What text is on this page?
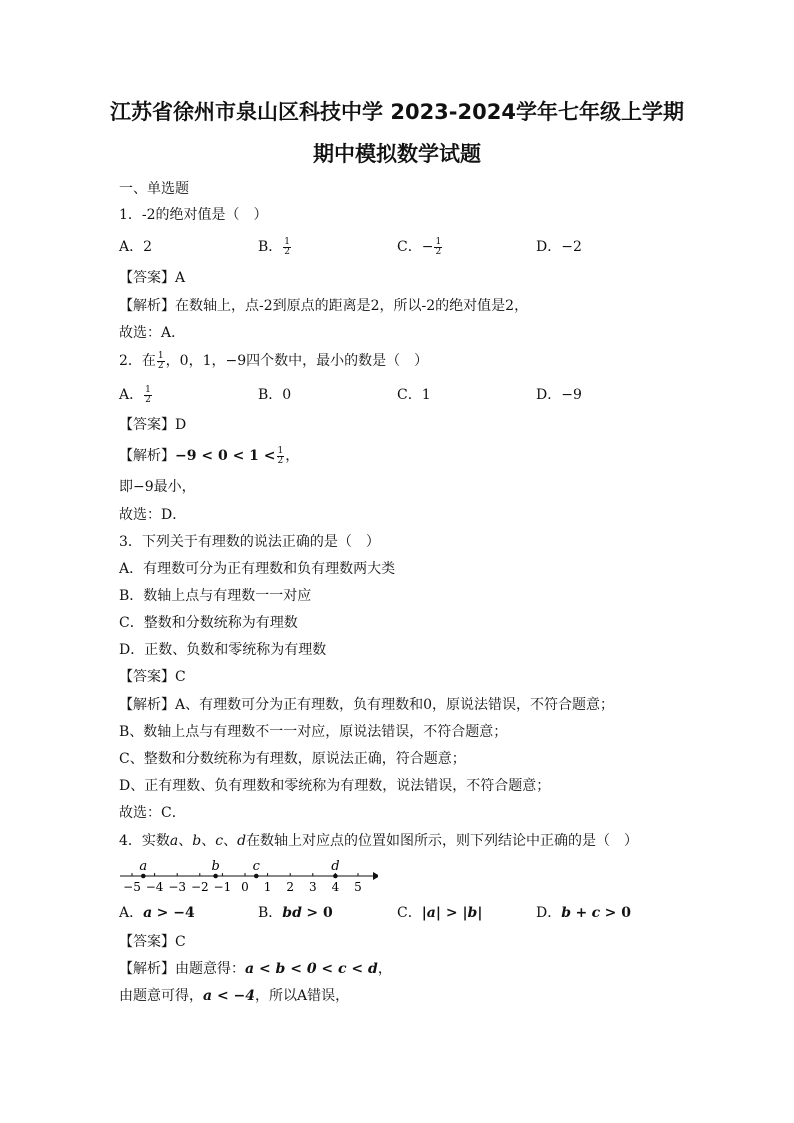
江苏省徐州市泉山区科技中学 2023-2024学年七年级上学期
期中模拟数学试题
一、单选题
1．-2的绝对值是（　）
A．2	B． $\frac{1}{2}$	C．− $\frac{1}{2}$	D．−2
【答案】A
【解析】在数轴上，点-2到原点的距离是2，所以-2的绝对值是2，
故选：A．
2．在 $\frac{1}{2}$ ，0，1，−9四个数中，最小的数是（　）
A． $\frac{1}{2}$	B．0	C．1	D．−9
【答案】D
【解析】$-9 < 0 < 1 < \frac{1}{2}$ ，
即−9最小，
故选：D．
3．下列关于有理数的说法正确的是（　）
A．有理数可分为正有理数和负有理数两大类
B．数轴上点与有理数一一对应
C．整数和分数统称为有理数
D．正数、负数和零统称为有理数
【答案】C
【解析】A、有理数可分为正有理数，负有理数和0，原说法错误，不符合题意；
B、数轴上点与有理数不一一对应，原说法错误，不符合题意；
C、整数和分数统称为有理数，原说法正确，符合题意；
D、正有理数、负有理数和零统称为有理数，说法错误，不符合题意；
故选：C．
4．实数a、b、c、d在数轴上对应点的位置如图所示，则下列结论中正确的是（　）
−5 −4 −3 −2 −1 0 1 2 3 4 5
a	b	c	d
A．a > −4	B．bd > 0	C．|a| > |b|	D．b + c > 0
【答案】C
【解析】由题意得：a < b < 0 < c < d，
由题意可得，a < −4，所以A错误，
